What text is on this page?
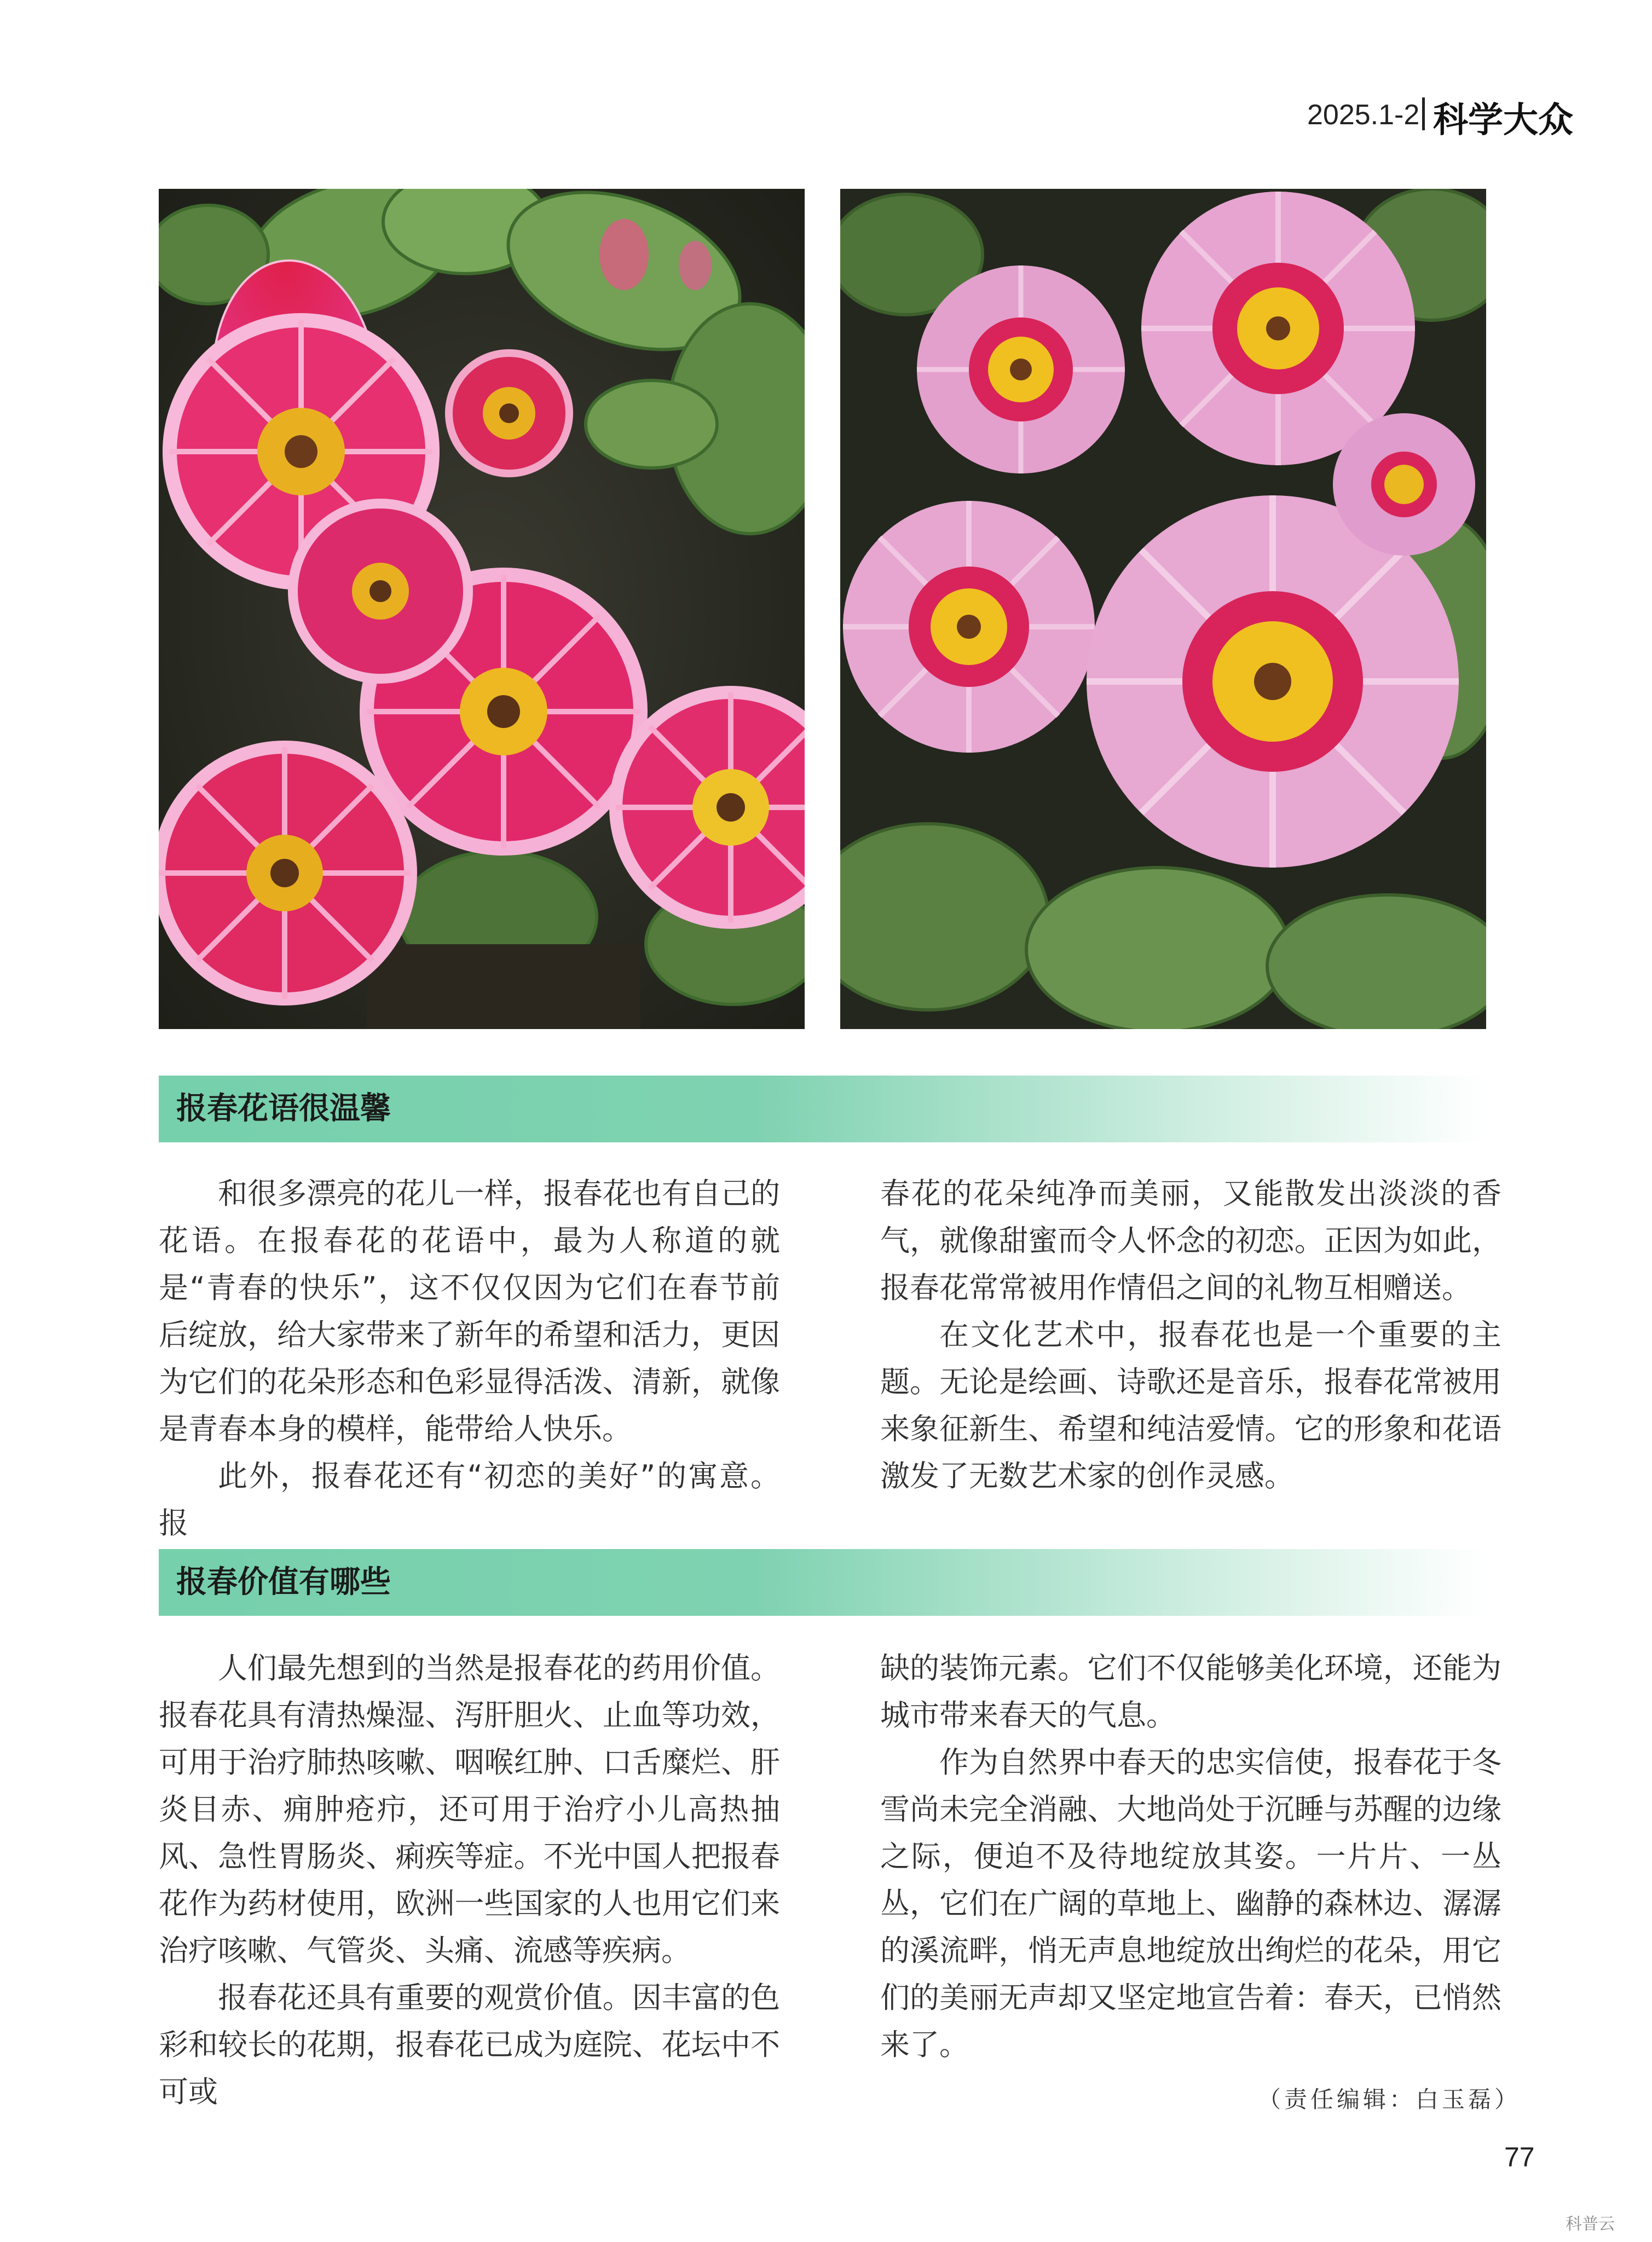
2025.1-2 科学大众
报春花语很温馨

和很多漂亮的花儿一样，报春花也有自己的花语。在报春花的花语中，最为人称道的就是“青春的快乐”，这不仅仅因为它们在春节前后绽放，给大家带来了新年的希望和活力，更因为它们的花朵形态和色彩显得活泼、清新，就像是青春本身的模样，能带给人快乐。

此外，报春花还有“初恋的美好”的寓意。报

春花的花朵纯净而美丽，又能散发出淡淡的香气，就像甜蜜而令人怀念的初恋。正因为如此，报春花常常被用作情侣之间的礼物互相赠送。

在文化艺术中，报春花也是一个重要的主题。无论是绘画、诗歌还是音乐，报春花常被用来象征新生、希望和纯洁爱情。它的形象和花语激发了无数艺术家的创作灵感。

报春价值有哪些

人们最先想到的当然是报春花的药用价值。报春花具有清热燥湿、泻肝胆火、止血等功效，可用于治疗肺热咳嗽、咽喉红肿、口舌糜烂、肝炎目赤、痈肿疮疖，还可用于治疗小儿高热抽风、急性胃肠炎、痢疾等症。不光中国人把报春花作为药材使用，欧洲一些国家的人也用它们来治疗咳嗽、气管炎、头痛、流感等疾病。

报春花还具有重要的观赏价值。因丰富的色彩和较长的花期，报春花已成为庭院、花坛中不可或

缺的装饰元素。它们不仅能够美化环境，还能为城市带来春天的气息。

作为自然界中春天的忠实信使，报春花于冬雪尚未完全消融、大地尚处于沉睡与苏醒的边缘之际，便迫不及待地绽放其姿。一片片、一丛丛，它们在广阔的草地上、幽静的森林边、潺潺的溪流畔，悄无声息地绽放出绚烂的花朵，用它们的美丽无声却又坚定地宣告着：春天，已悄然来了。

（责任编辑：白玉磊）
77
科普云
